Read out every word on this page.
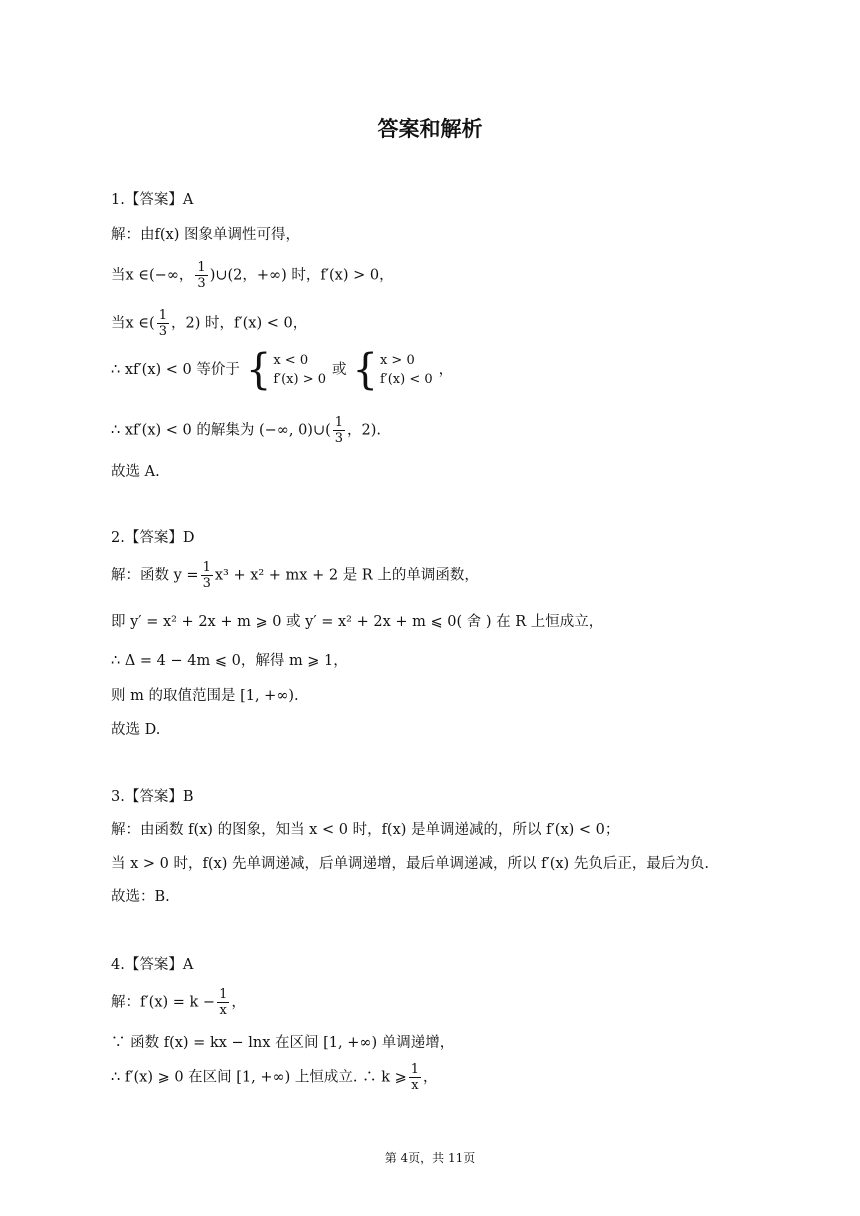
答案和解析
1.【答案】A
解：由f(x) 图象单调性可得，
当x ∈(−∞， $\frac{1}{3}$ )∪(2，+∞) 时，f′(x) > 0，
当x ∈( $\frac{1}{3}$ ，2) 时，f′(x) < 0，
∴ xf′(x) < 0 等价于 { x < 0
f′(x) > 0
或 { x > 0
f′(x) < 0
，
∴ xf′(x) < 0 的解集为 (−∞, 0)∪( $\frac{1}{3}$ ，2).
故选 A.
2.【答案】D
解：函数 $y = \frac{1}{3} x^3 + x^2$ + mx + 2 是 R 上的单调函数，
即 y′ = x² + 2x + m ⩾ 0 或 y′ = x² + 2x + m ⩽ 0( 舍 ) 在 R 上恒成立，
∴ Δ = 4 − 4m ⩽ 0，解得 m ⩾ 1，
则 m 的取值范围是 [1, +∞).
故选 D.
3.【答案】B
解：由函数 f(x) 的图象，知当 x < 0 时，f(x) 是单调递减的，所以 f′(x) < 0；
当 x > 0 时，f(x) 先单调递减，后单调递增，最后单调递减，所以 f′(x) 先负后正，最后为负.
故选：B.
4.【答案】A
解：$f'(x) = k - \frac{1}{x}$ ，
∵ 函数 f(x) = kx − lnx 在区间 [1, +∞) 单调递增，
∴ f′(x) ⩾ 0 在区间 [1, +∞) 上恒成立. ∴ k ⩾ $\frac{1}{x}$ ，
第 4页，共 11页
